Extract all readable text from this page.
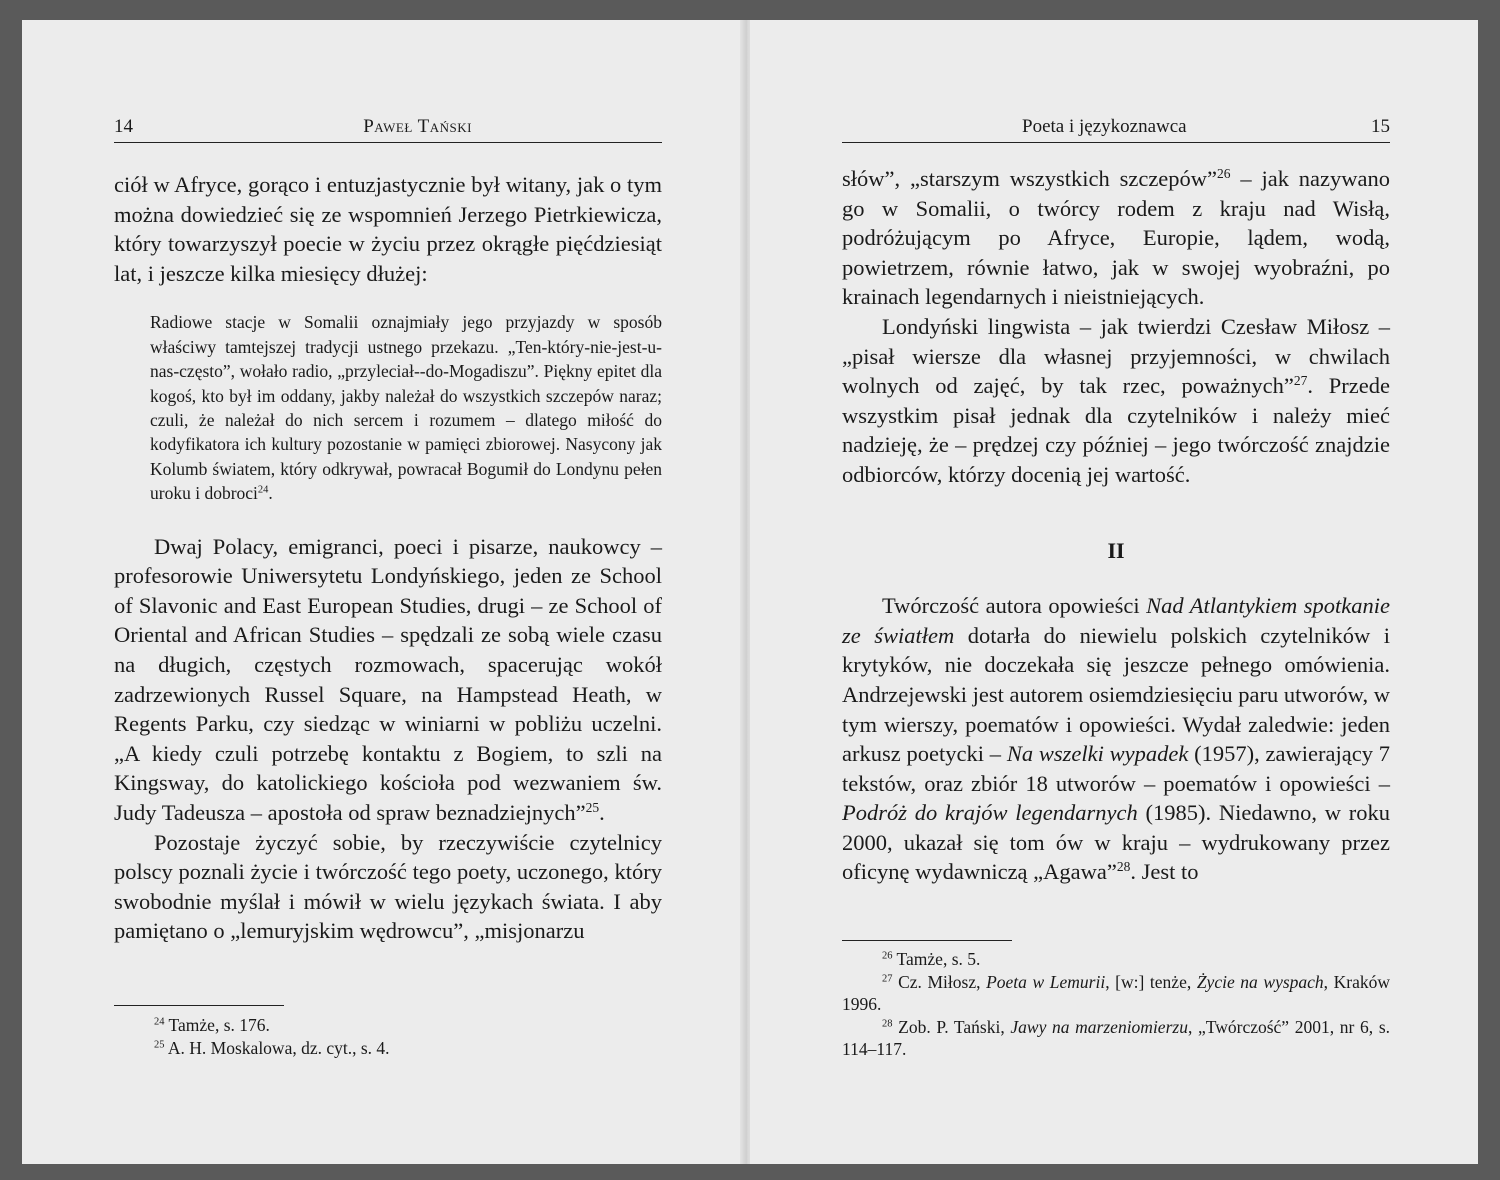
14	Paweł Tański

ciół w Afryce, gorąco i entuzjastycznie był witany, jak o tym można dowiedzieć się ze wspomnień Jerzego Pietrkiewicza, który towarzyszył poecie w życiu przez okrągłe pięćdziesiąt lat, i jeszcze kilka miesięcy dłużej:

Radiowe stacje w Somalii oznajmiały jego przyjazdy w sposób właściwy tamtejszej tradycji ustnego przekazu. „Ten-który-nie-jest-u-nas-często”, wołało radio, „przyleciał--do-Mogadiszu”. Piękny epitet dla kogoś, kto był im oddany, jakby należał do wszystkich szczepów naraz; czuli, że należał do nich sercem i rozumem – dlatego miłość do kodyfikatora ich kultury pozostanie w pamięci zbiorowej. Nasycony jak Kolumb światem, który odkrywał, powracał Bogumił do Londynu pełen uroku i dobroci$^{24}$.

Dwaj Polacy, emigranci, poeci i pisarze, naukowcy – profesorowie Uniwersytetu Londyńskiego, jeden ze School of Slavonic and East European Studies, drugi – ze School of Oriental and African Studies – spędzali ze sobą wiele czasu na długich, częstych rozmowach, spacerując wokół zadrzewionych Russel Square, na Hampstead Heath, w Regents Parku, czy siedząc w winiarni w pobliżu uczelni. „A kiedy czuli potrzebę kontaktu z Bogiem, to szli na Kingsway, do katolickiego kościoła pod wezwaniem św. Judy Tadeusza – apostoła od spraw beznadziejnych”$^{25}$.

Pozostaje życzyć sobie, by rzeczywiście czytelnicy polscy poznali życie i twórczość tego poety, uczonego, który swobodnie myślał i mówił w wielu językach świata. I aby pamiętano o „lemuryjskim wędrowcu”, „misjonarzu

$^{24}$ Tamże, s. 176.

$^{25}$ A. H. Moskalowa, dz. cyt., s. 4.

Poeta i językoznawca	15

słów”, „starszym wszystkich szczepów”$^{26}$ – jak nazywano go w Somalii, o twórcy rodem z kraju nad Wisłą, podróżującym po Afryce, Europie, lądem, wodą, powietrzem, równie łatwo, jak w swojej wyobraźni, po krainach legendarnych i nieistniejących.

Londyński lingwista – jak twierdzi Czesław Miłosz – „pisał wiersze dla własnej przyjemności, w chwilach wolnych od zajęć, by tak rzec, poważnych”$^{27}$. Przede wszystkim pisał jednak dla czytelników i należy mieć nadzieję, że – prędzej czy później – jego twórczość znajdzie odbiorców, którzy docenią jej wartość.

II

Twórczość autora opowieści Nad Atlantykiem spotkanie ze światłem dotarła do niewielu polskich czytelników i krytyków, nie doczekała się jeszcze pełnego omówienia. Andrzejewski jest autorem osiemdziesięciu paru utworów, w tym wierszy, poematów i opowieści. Wydał zaledwie: jeden arkusz poetycki – Na wszelki wypadek (1957), zawierający 7 tekstów, oraz zbiór 18 utworów – poematów i opowieści – Podróż do krajów legendarnych (1985). Niedawno, w roku 2000, ukazał się tom ów w kraju – wydrukowany przez oficynę wydawniczą „Agawa”$^{28}$. Jest to

$^{26}$ Tamże, s. 5.

$^{27}$ Cz. Miłosz, Poeta w Lemurii, [w:] tenże, Życie na wyspach, Kraków 1996.

$^{28}$ Zob. P. Tański, Jawy na marzeniomierzu, „Twórczość” 2001, nr 6, s. 114–117.
